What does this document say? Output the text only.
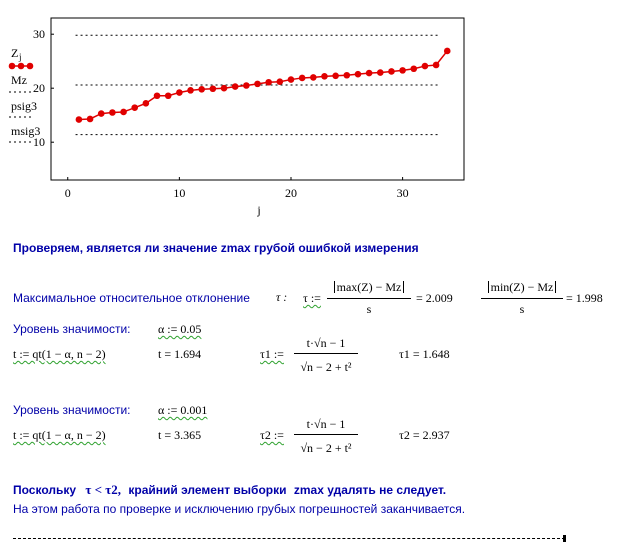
0	10	20	30
10
20
30
j
Z j
Mz
psig3
msig3
Проверяем, является ли значение zmax грубой ошибкой измерения
Максимальное относительное отклонение τ : τ :=
max(Z) − Mz
s
= 2.009
min(Z) − Mz
s
= 1.998
Уровень значимости: α := 0.05
t := qt(1 − α, n − 2)	t = 1.694	τ1 :=
t·√n − 1
√n − 2 + t²
τ1 = 1.648
Уровень значимости: α := 0.001
t := qt(1 − α, n − 2)	t = 3.365	τ2 :=
t·√n − 1
√n − 2 + t²
τ2 = 2.937
Поскольку τ < τ2, крайний элемент выборки zmax удалять не следует.
На этом работа по проверке и исключению грубых погрешностей заканчивается.
